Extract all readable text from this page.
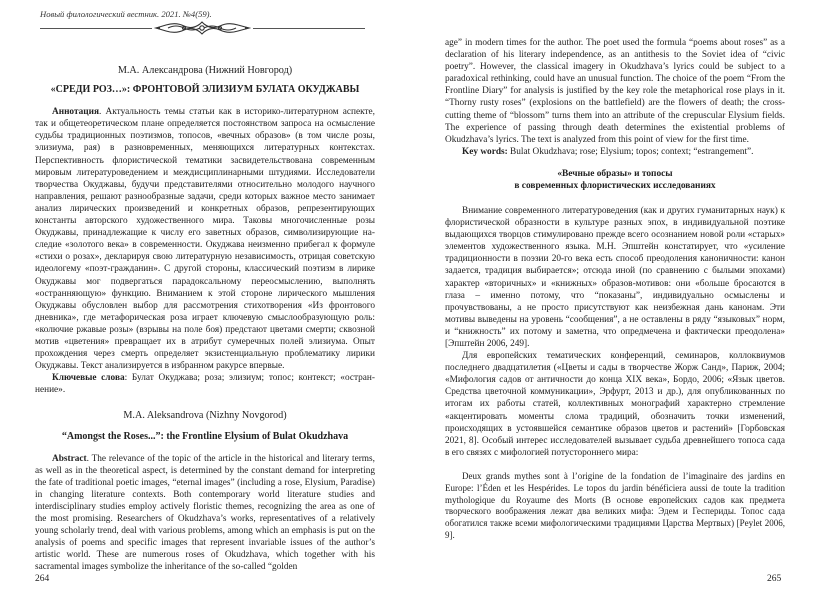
Новый филологический вестник. 2021. №4(59).

М.А. Александрова (Нижний Новгород)

«СРЕДИ РОЗ…»: ФРОНТОВОЙ ЭЛИЗИУМ БУЛАТА ОКУДЖАВЫ

Аннотация. Актуальность темы статьи как в историко-литературном аспекте, так и общетеоретическом плане определяется постоянством запроса на осмысление судьбы традиционных поэтизмов, топосов, «вечных образов» (в том числе розы, элизиума, рая) в разновременных, меняющихся литературных контекстах. Перспективность флористической тематики засвидетельствована современным мировым литературоведением и междисциплинарными штудиями. Исследователи творчества Окуджавы, будучи представителями относительно молодого научного направления, решают разнообразные задачи, среди которых важное место занимает анализ лирических произведений и конкретных образов, репрезентирующих константы авторского художественного мира. Таковы многочисленные розы Окуджавы, принадлежащие к числу его заветных образов, символизирующие наследие «золотого века» в современности. Окуджава неизменно прибегал к формуле «стихи о розах», декларируя свою литературную независимость, отрицая советскую идеологему «поэт-гражданин». С другой стороны, классический поэтизм в лирике Окуджавы мог подвергаться парадоксальному переосмыслению, выполнять «остранняющую» функцию. Вниманием к этой стороне лирического мышления Окуджавы обусловлен выбор для рассмотрения стихотворения «Из фронтового дневника», где метафорическая роза играет ключевую смыслообразующую роль: «колючие ржавые розы» (взрывы на поле боя) предстают цветами смерти; сквозной мотив «цветения» превращает их в атрибут сумеречных полей элизиума. Опыт прохождения через смерть определяет экзистенциальную проблематику лирики Окуджавы. Текст анализируется в избранном ракурсе впервые.

Ключевые слова: Булат Окуджава; роза; элизиум; топос; контекст; «остраннение».

M.A. Aleksandrova (Nizhny Novgorod)

“Amongst the Roses...”: the Frontline Elysium of Bulat Okudzhava

Abstract. The relevance of the topic of the article in the historical and literary terms, as well as in the theoretical aspect, is determined by the constant demand for interpreting the fate of traditional poetic images, “eternal images” (including a rose, Elysium, Paradise) in changing literature contexts. Both contemporary world literature studies and interdisciplinary studies employ actively floristic themes, recognizing the area as one of the most promising. Researchers of Okudzhava’s works, representatives of a relatively young scholarly trend, deal with various problems, among which an emphasis is put on the analysis of poems and specific images that represent invariable issues of the author’s artistic world. These are numerous roses of Okudzhava, which together with his sacramental images symbolize the inheritance of the so-called “golden

264

age” in modern times for the author. The poet used the formula “poems about roses” as a declaration of his literary independence, as an antithesis to the Soviet idea of “civic poetry”. However, the classical imagery in Okudzhava’s lyrics could be subject to a paradoxical rethinking, could have an unusual function. The choice of the poem “From the Frontline Diary” for analysis is justified by the key role the metaphorical rose plays in it. “Thorny rusty roses” (explosions on the battlefield) are the flowers of death; the cross-cutting theme of “blossom” turns them into an attribute of the crepuscular Elysium fields. The experience of passing through death determines the existential problems of Okudzhava’s lyrics. The text is analyzed from this point of view for the first time.

Key words: Bulat Okudzhava; rose; Elysium; topos; context; “estrangement”.

«Вечные образы» и топосы
в современных флористических исследованиях

Внимание современного литературоведения (как и других гуманитарных наук) к флористической образности в культуре разных эпох, в индивидуальной поэтике выдающихся творцов стимулировано прежде всего осознанием новой роли «старых» элементов художественного языка. М.Н. Эпштейн констатирует, что «усиление традиционности в поэзии 20-го века есть способ преодоления каноничности: канон задается, традиция выбирается»; отсюда иной (по сравнению с былыми эпохами) характер «вторичных» и «книжных» образов-мотивов: они «больше бросаются в глаза – именно потому, что “показаны”, индивидуально осмыслены и прочувствованы, а не просто присутствуют как неизбежная дань канонам. Эти мотивы выведены на уровень “сообщения”, а не оставлены в ряду “языковых” норм, и “книжность” их потому и заметна, что опредмечена и фактически преодолена» [Эпштейн 2006, 249].

Для европейских тематических конференций, семинаров, коллоквиумов последнего двадцатилетия («Цветы и сады в творчестве Жорж Санд», Париж, 2004; «Мифология садов от античности до конца XIX века», Бордо, 2006; «Язык цветов. Средства цветочной коммуникации», Эрфурт, 2013 и др.), для опубликованных по итогам их работы статей, коллективных монографий характерно стремление «акцентировать моменты слома традиций, обозначить точки изменений, происходящих в устоявшейся семантике образов цветов и растений» [Горбовская 2021, 8]. Особый интерес исследователей вызывает судьба древнейшего топоса сада в его связях с мифологией потустороннего мира:

Deux grands mythes sont à l’origine de la fondation de l’imaginaire des jardins en Europe: l’Éden et les Hespérides. Le topos du jardin bénéficiera aussi de toute la tradition mythologique du Royaume des Morts (В основе европейских садов как предмета творческого воображения лежат два великих мифа: Эдем и Геспериды. Топос сада обогатился также всеми мифологическими традициями Царства Мертвых) [Peylet 2006, 9].

265
